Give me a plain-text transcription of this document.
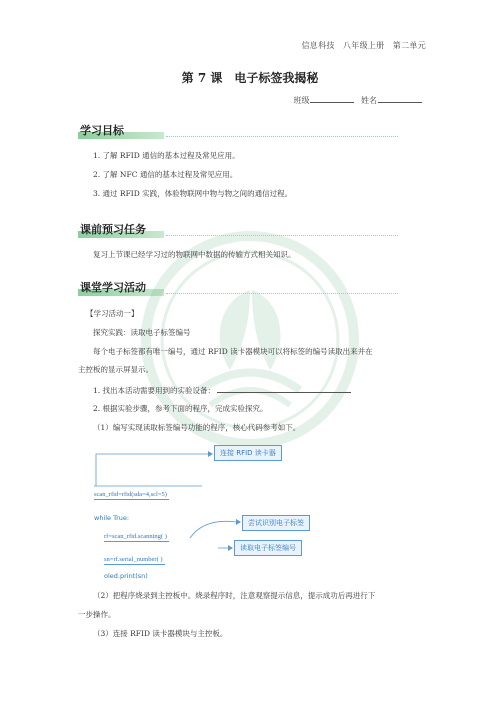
信息科技　八年级上册　第二单元
第 7 课　电子标签我揭秘
班级	姓名
学习目标
1. 了解 RFID 通信的基本过程及常见应用。
2. 了解 NFC 通信的基本过程及常见应用。
3. 通过 RFID 实践，体验物联网中物与物之间的通信过程。
课前预习任务
复习上节课已经学习过的物联网中数据的传输方式相关知识。
课堂学习活动
【学习活动一】
探究实践：读取电子标签编号
每个电子标签都有唯一编号，通过 RFID 读卡器模块可以将标签的编号读取出来并在
主控板的显示屏显示。
1. 找出本活动需要用到的实验设备：
2. 根据实验步骤，参考下面的程序，完成实验探究。
（1）编写实现读取标签编号功能的程序，核心代码参考如下。
连接 RFID 读卡器
scan_rfid=rfid(sda=4,scl=5)
while True:
rf=scan_rfid.scanning( )
sn=rf.serial_number( )
oled.print(sn)
尝试识别电子标签
读取电子标签编号
（2）把程序烧录到主控板中。烧录程序时，注意观察提示信息，提示成功后再进行下
一步操作。
（3）连接 RFID 读卡器模块与主控板。
